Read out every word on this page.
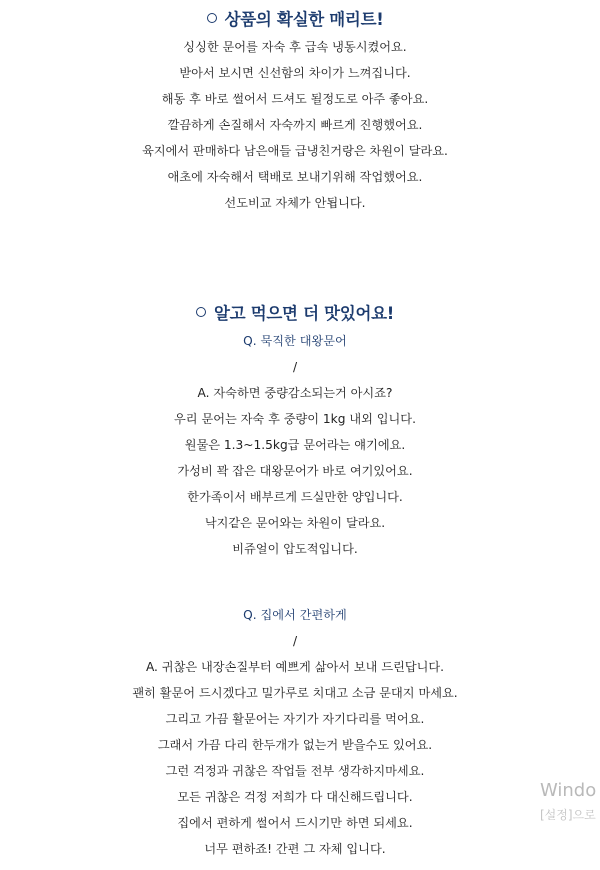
상품의 확실한 매리트!
싱싱한 문어를 자숙 후 급속 냉동시켰어요.
받아서 보시면 신선함의 차이가 느껴집니다.
해동 후 바로 썰어서 드셔도 될정도로 아주 좋아요.
깔끔하게 손질해서 자숙까지 빠르게 진행했어요.
육지에서 판매하다 남은애들 급냉친거랑은 차원이 달라요.
애초에 자숙해서 택배로 보내기위해 작업했어요.
선도비교 자체가 안됩니다.
알고 먹으면 더 맛있어요!
Q. 묵직한 대왕문어
/
A. 자숙하면 중량감소되는거 아시죠?
우리 문어는 자숙 후 중량이 1kg 내외 입니다.
원물은 1.3~1.5kg급 문어라는 얘기에요.
가성비 꽉 잡은 대왕문어가 바로 여기있어요.
한가족이서 배부르게 드실만한 양입니다.
낙지같은 문어와는 차원이 달라요.
비쥬얼이 압도적입니다.
Q. 집에서 간편하게
/
A. 귀찮은 내장손질부터 예쁘게 삶아서 보내 드린답니다.
괜히 활문어 드시겠다고 밀가루로 치대고 소금 문대지 마세요.
그리고 가끔 활문어는 자기가 자기다리를 먹어요.
그래서 가끔 다리 한두개가 없는거 받을수도 있어요.
그런 걱정과 귀찮은 작업들 전부 생각하지마세요.
모든 귀찮은 걱정 저희가 다 대신해드립니다.
집에서 편하게 썰어서 드시기만 하면 되세요.
너무 편하죠! 간편 그 자체 입니다.
Windo
[설정]으로
